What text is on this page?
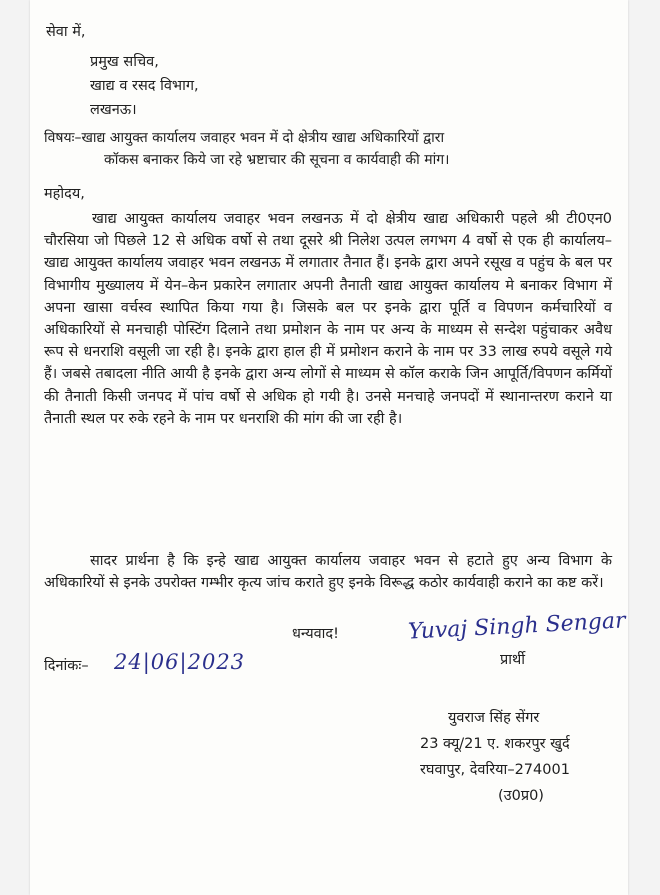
सेवा में,
प्रमुख सचिव,
खाद्य व रसद विभाग,
लखनऊ।
विषयः–खाद्य आयुक्त कार्यालय जवाहर भवन में दो क्षेत्रीय खाद्य अधिकारियों द्वारा
कॉकस बनाकर किये जा रहे भ्रष्टाचार की सूचना व कार्यवाही की मांग।
महोदय,
खाद्य आयुक्त कार्यालय जवाहर भवन लखनऊ में दो क्षेत्रीय खाद्य अधिकारी पहले श्री टी0एन0 चौरसिया जो पिछले 12 से अधिक वर्षो से तथा दूसरे श्री निलेश उत्पल लगभग 4 वर्षो से एक ही कार्यालय–खाद्य आयुक्त कार्यालय जवाहर भवन लखनऊ में लगातार तैनात हैं। इनके द्वारा अपने रसूख व पहुंच के बल पर विभागीय मुख्यालय में येन–केन प्रकारेन लगातार अपनी तैनाती खाद्य आयुक्त कार्यालय मे बनाकर विभाग में अपना खासा वर्चस्व स्थापित किया गया है। जिसके बल पर इनके द्वारा पूर्ति व विपणन कर्मचारियों व अधिकारियों से मनचाही पोस्टिंग दिलाने तथा प्रमोशन के नाम पर अन्य के माध्यम से सन्देश पहुंचाकर अवैध रूप से धनराशि वसूली जा रही है। इनके द्वारा हाल ही में प्रमोशन कराने के नाम पर 33 लाख रुपये वसूले गये हैं। जबसे तबादला नीति आयी है इनके द्वारा अन्य लोगों से माध्यम से कॉल कराके जिन आपूर्ति/विपणन कर्मियों की तैनाती किसी जनपद में पांच वर्षो से अधिक हो गयी है। उनसे मनचाहे जनपदों में स्थानान्तरण कराने या तैनाती स्थल पर रुके रहने के नाम पर धनराशि की मांग की जा रही है।
सादर प्रार्थना है कि इन्हे खाद्य आयुक्त कार्यालय जवाहर भवन से हटाते हुए अन्य विभाग के अधिकारियों से इनके उपरोक्त गम्भीर कृत्य जांच कराते हुए इनके विरूद्ध कठोर कार्यवाही कराने का कष्ट करें।
धन्यवाद!	Yuvaj Singh Sengar
प्रार्थी
दिनांकः– 24|06|2023
युवराज सिंह सेंगर
23 क्यू/21 ए. शकरपुर खुर्द
रघवापुर, देवरिया–274001
(उ0प्र0)
